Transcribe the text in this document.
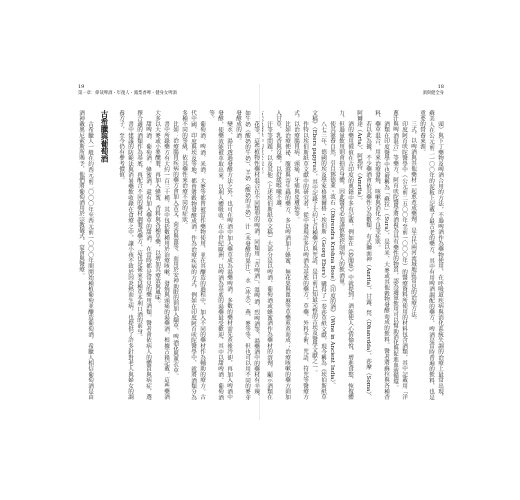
19
第一章：偉哉啤酒・年復人・鳳梨香啤・健身女啤酒

花等。這些植物性藥材混合在不同類型的啤酒，同類用「苦啤酒」、溫啤酒、烈啤酒等，湯藥酒中的藥材有辛辣、如牛奶（酸奶的牛奶）、羊奶（酸奶的羊奶）、汁（未發酵的果汁）、水（冰水）、燕、麥等等，但也可以用不同的麥芽發酵成的酒。

變水、湯汁透過發酵方法之外，也可在啤酒中加入藥草成為湯藥啤酒，多數的藥材需先煮後冷卻，再加入啤酒中發酵，使藥效能被萃取出來，以利人體吸收。在中世紀歐洲，以啤酒為基底的湯藥最受歡迎，其中以甜啤酒、葡萄酒等。

葡萄酒、啤酒、米酒、大麥等都曾被當作藥物使用，並在其釀造的過程中，加入不同的藥材作為輔助的療方。古代中國、印度與埃及等地，都曾將穀物發酵成酒，作為治療疾病的方式，例如在印度阿育吠陀醫學中，就將酒類分為多種不同的等級，依其藥性來治療不同的症狀。

比如：治療腸胃疾病的藥方會加入苦艾、茴香與薑等，而用於安神助眠的則加入纈草、啤酒花與薰衣草。

書中所錄藥方有大約一百三十種，其中包括數種用於治療咳嗽、發燒與頭痛的湯藥酒。根據古籍記載，這些藥酒大多以大麥或小麥釀製，再加入蜂蜜、香料與各種草藥，以增加其療效與風味。

甜啤酒、葡萄酒、蜂蜜酒，還有加入藥草的甜酒，在當時都是常見的藥用酒類。醫者會依病人的體質與病症，選擇合適的酒類作為基底，再配合不同的藥材調製成藥方，這也是後來各種草本利口酒的前身。

書中建議的防範法與消暑藥飲收錄在食療之中，讓小孩不致於因炎熱而生病，也提供了許多針對老人與婦女的調養方子，至今仍有參考價值。

古希臘與葡萄酒

古希臘人一般在約西元前二〇〇〇年至西元前一〇〇〇年間開始種植葡萄並釀造葡萄酒，希臘人相信葡萄酒是由酒神戴奧尼索斯所賜予，他們將葡萄酒用於宗教儀式、宴會與醫療。

18
酒與健全身

頭）與下丁藥物及啤酒合用的方法，不過啤酒作為藥物使用，在呼吸道疾病與消化系統失調的治療上最常出現，蘇美人在公元前二一〇〇年的泥板上記載了最古老的藥方，其中有用啤酒調配的藥方、啤酒是當時普遍的飲料，也是重要的營養來源。

三式，以啤酒與其他藥材一起煎煮成藥劑，是古代兩河流域地區常見的治療方法。

印度阿育吠陀醫學中（公元前二五〇〇年至前一〇〇〇年）的醫療資料所使用的材料包含酒類，其中記載用「洋蔥汁與啤酒混合」等藥方，阿育吠陀醫學將酒視為具有藥性的物質，認為適量飲用可以幫助消化與促進血液循環。

酒類在印度醫學中也被稱為「蘇拉」（Sura），是以米、大麥或其他穀物發酵而成的飲料。醫者將蘇拉與各種香料、藥草混合，用來治療發燒、咳嗽與消化不良等症狀。

若以此為據，不少藥酒會依其藥性分為數類，有式獅面神（Anrita）、甘露、梵（Dhanvdda）、莎摩（Soma）、阿爾達（Arta）、阿瑪特（Amrita）。

酒的藥用價值在古印度的典籍中多有記載，例如在《妙聞集》中就提到，酒能使人心情愉悅、增進食慾、恢復體力，但過量飲用則會損害身體，因此醫者必須謹慎地控制病人的飲酒量。

使其滋養自然，引自鄧德萊・波石（Dhirendra Krishna Bose）《印度的酒》（Wine in Ancient India）。

八七三年，德國的埃及學家格奧爾格・埃伯斯（Georg Ebers）購得了一卷莎草紙文獻，現今稱為《埃伯斯紙草文稿》（Ebers papyrus），其中記錄了大約七百種藥方與咒語，是目前已知最完整的古埃及醫學文獻之一。

作特以埃伯斯紙草文獻中的研究者，從中發現許多以啤酒為基底的藥方，草藥、外科手術、咒語、符咒等醫療方式，以治療腸胃病、頭痛、牙痛與皮膚病等。

比如治療便祕、腹瀉與寄生蟲的藥方，多以啤酒加上蜂蜜、無花果與蓖麻等草藥煎煮而成；治療咳嗽的藥方則加入甘草、乳香與沒藥，以舒緩喉嚨不適。

汗等等問題，以及其他（上述埃伯斯紙草文稿）大部分是以啤酒、葡萄酒或蜂蜜酒作為藥材的溶劑，顯示酒類在
